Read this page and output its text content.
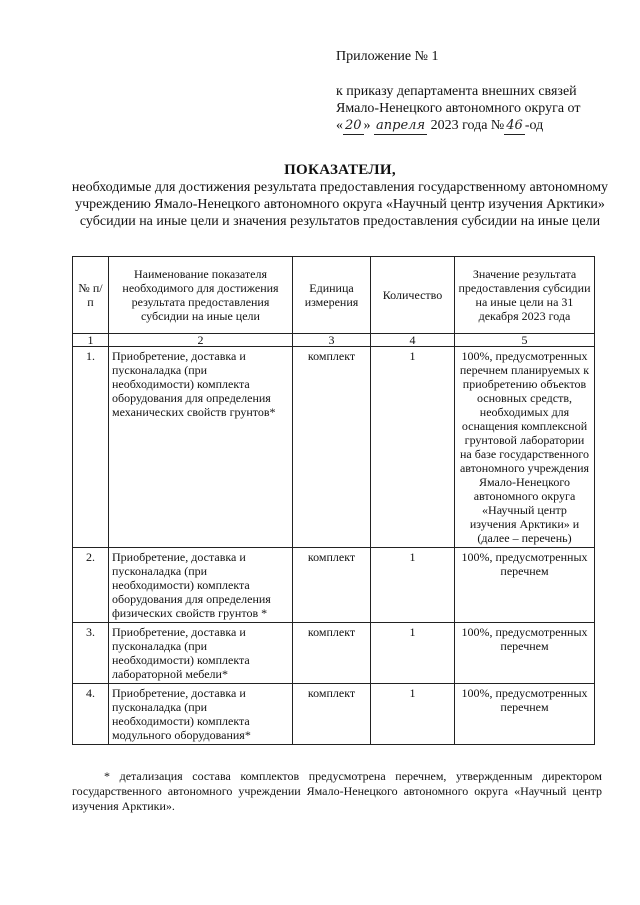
Приложение № 1
к приказу департамента внешних связей
Ямало-Ненецкого автономного округа от
« 20 » апреля 2023 года № 46 -од
ПОКАЗАТЕЛИ,
необходимые для достижения результата предоставления государственному автономному учреждению Ямало-Ненецкого автономного округа «Научный центр изучения Арктики» субсидии на иные цели и значения результатов предоставления субсидии на иные цели
№ п/п	Наименование показателя необходимого для достижения результата предоставления субсидии на иные цели	Единица измерения	Количество	Значение результата предоставления субсидии на иные цели на 31 декабря 2023 года
1	2	3	4	5
1.	Приобретение, доставка и пусконаладка (при необходимости) комплекта оборудования для определения механических свойств грунтов*	комплект	1	100%, предусмотренных перечнем планируемых к приобретению объектов основных средств, необходимых для оснащения комплексной грунтовой лаборатории на базе государственного автономного учреждения Ямало-Ненецкого автономного округа «Научный центр изучения Арктики» и (далее – перечень)
2.	Приобретение, доставка и пусконаладка (при необходимости) комплекта оборудования для определения физических свойств грунтов *	комплект	1	100%, предусмотренных перечнем
3.	Приобретение, доставка и пусконаладка (при необходимости) комплекта лабораторной мебели*	комплект	1	100%, предусмотренных перечнем
4.	Приобретение, доставка и пусконаладка (при необходимости) комплекта модульного оборудования*	комплект	1	100%, предусмотренных перечнем
* детализация состава комплектов предусмотрена перечнем, утвержденным директором государственного автономного учреждении Ямало-Ненецкого автономного округа «Научный центр изучения Арктики».
